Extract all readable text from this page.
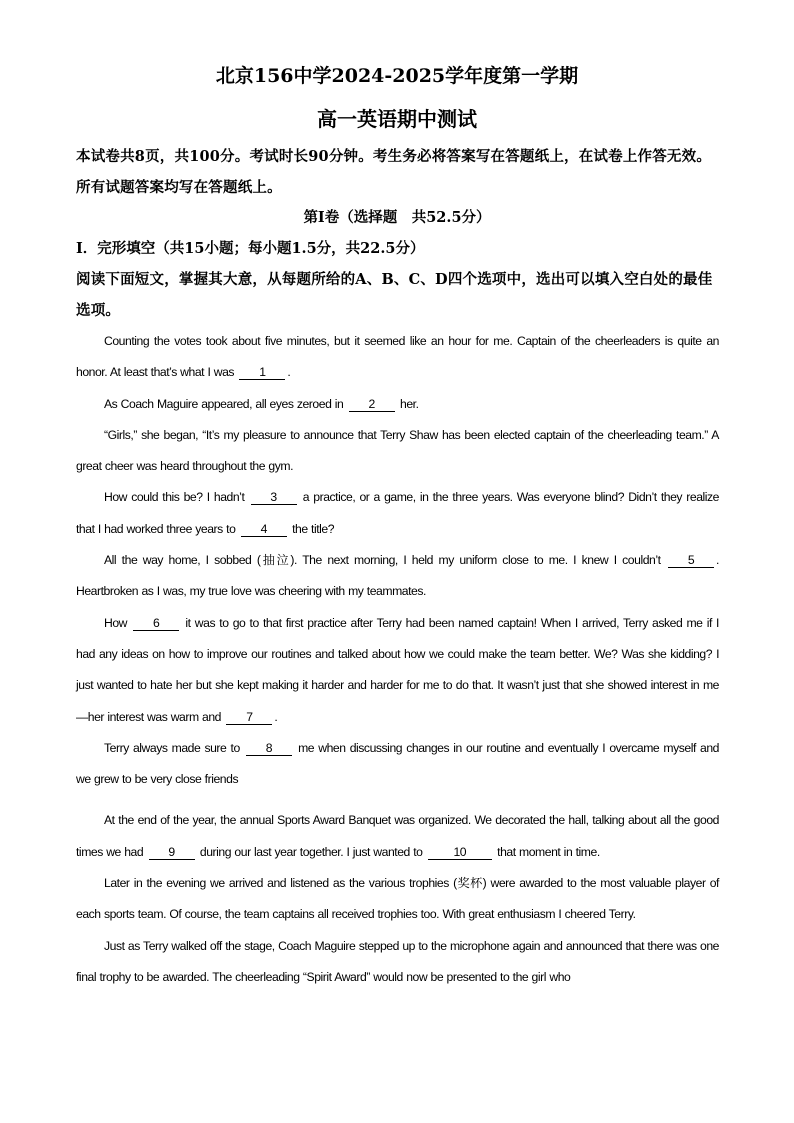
北京156中学2024-2025学年度第一学期
高一英语期中测试
本试卷共8页，共100分。考试时长90分钟。考生务必将答案写在答题纸上，在试卷上作答无效。所有试题答案均写在答题纸上。
第Ⅰ卷（选择题　共52.5分）
Ⅰ．完形填空（共15小题；每小题1.5分，共22.5分）
阅读下面短文，掌握其大意，从每题所给的A、B、C、D四个选项中，选出可以填入空白处的最佳选项。

Counting the votes took about five minutes, but it seemed like an hour for me. Captain of the cheerleaders is quite an honor. At least that’s what I was 1 .

As Coach Maguire appeared, all eyes zeroed in 2 her.

“Girls,” she began, “It’s my pleasure to announce that Terry Shaw has been elected captain of the cheerleading team.” A great cheer was heard throughout the gym.

How could this be? I hadn’t 3 a practice, or a game, in the three years. Was everyone blind? Didn’t they realize that I had worked three years to 4 the title?

All the way home, I sobbed (抽泣). The next morning, I held my uniform close to me. I knew I couldn’t 5 . Heartbroken as I was, my true love was cheering with my teammates.

How 6 it was to go to that first practice after Terry had been named captain! When I arrived, Terry asked me if I had any ideas on how to improve our routines and talked about how we could make the team better. We? Was she kidding? I just wanted to hate her but she kept making it harder and harder for me to do that. It wasn’t just that she showed interest in me—her interest was warm and 7 .

Terry always made sure to 8 me when discussing changes in our routine and eventually I overcame myself and we grew to be very close friends

At the end of the year, the annual Sports Award Banquet was organized. We decorated the hall, talking about all the good times we had 9 during our last year together. I just wanted to	10	that moment in time.

Later in the evening we arrived and listened as the various trophies (奖杯) were awarded to the most valuable player of each sports team. Of course, the team captains all received trophies too. With great enthusiasm I cheered Terry.

Just as Terry walked off the stage, Coach Maguire stepped up to the microphone again and announced that there was one final trophy to be awarded. The cheerleading “Spirit Award” would now be presented to the girl who
